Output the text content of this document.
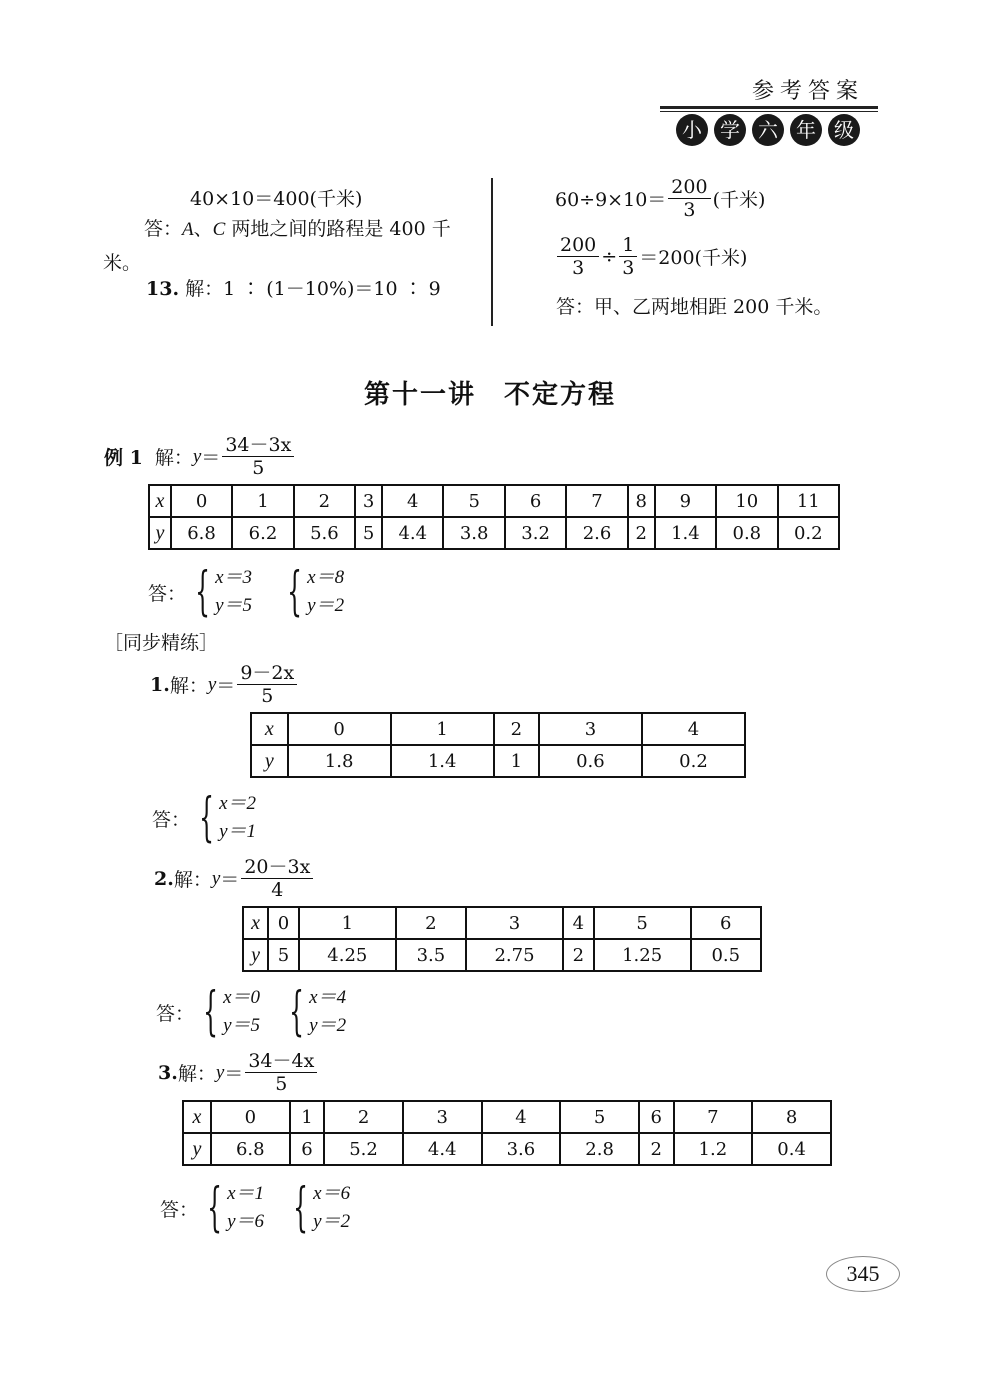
参考答案
小 学 六 年 级
40×10＝400(千米)
答：A、C 两地之间的路程是 400 千
米。
13. 解：1 ∶ (1－10%)＝10 ∶ 9
$60\div 9\times 10= \frac{200}{3}$ (千米)
$\frac{200}{3} \div \frac{1}{3} =200$(千米)
答：甲、乙两地相距 200 千米。
第十一讲　不定方程
例 1 解： $y = \frac{34-3x}{5}$
x	0	1	2	3	4	5	6	7	8	9	10	11
y	6.8	6.2	5.6	5	4.4	3.8	3.2	2.6	2	1.4	0.8	0.2
答： { x＝3
y＝5 { x＝8
y＝2
［同步精练］
1. 解： $y = \frac{9-2x}{5}$
x	0	1	2	3	4
y	1.8	1.4	1	0.6	0.2
答： { x＝2
y＝1
2. 解： $y = \frac{20-3x}{4}$
x	0	1	2	3	4	5	6
y	5	4.25	3.5	2.75	2	1.25	0.5
答： { x＝0
y＝5 { x＝4
y＝2
3. 解： $y = \frac{34-4x}{5}$
x	0	1	2	3	4	5	6	7	8
y	6.8	6	5.2	4.4	3.6	2.8	2	1.2	0.4
答： { x＝1
y＝6 { x＝6
y＝2
345
